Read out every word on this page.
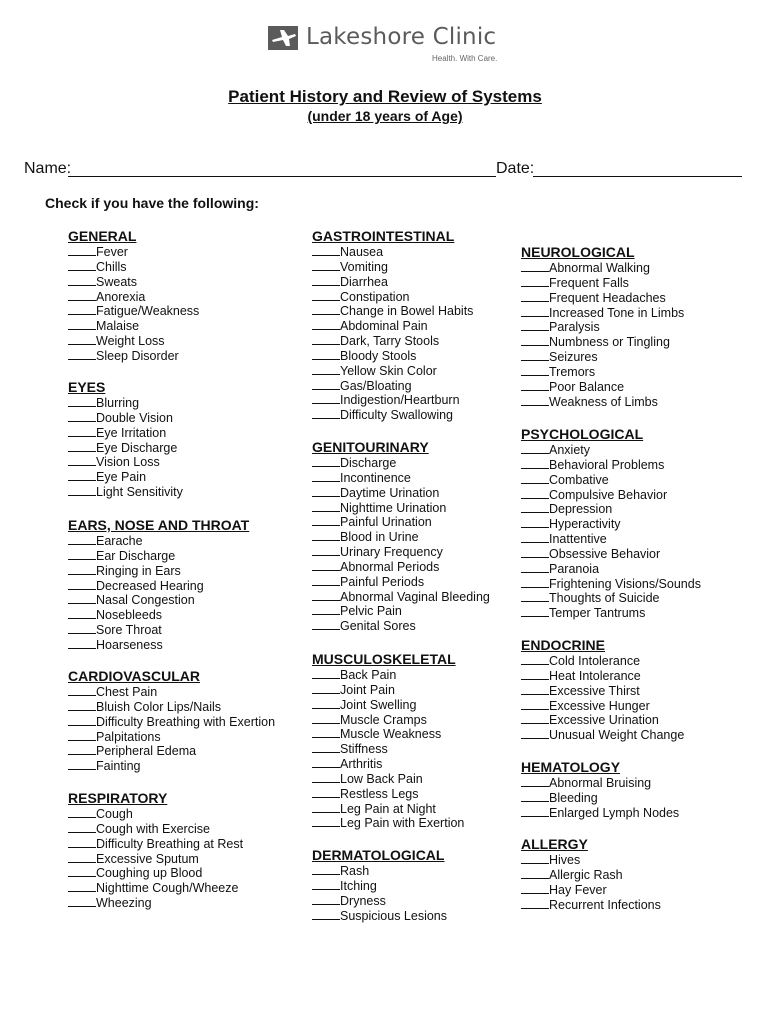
Lakeshore Clinic
Health. With Care.
Patient History and Review of Systems
(under 18 years of Age)
Name:	Date:
Check if you have the following:
GENERAL
Fever
Chills
Sweats
Anorexia
Fatigue/Weakness
Malaise
Weight Loss
Sleep Disorder
EYES
Blurring
Double Vision
Eye Irritation
Eye Discharge
Vision Loss
Eye Pain
Light Sensitivity
EARS, NOSE AND THROAT
Earache
Ear Discharge
Ringing in Ears
Decreased Hearing
Nasal Congestion
Nosebleeds
Sore Throat
Hoarseness
CARDIOVASCULAR
Chest Pain
Bluish Color Lips/Nails
Difficulty Breathing with Exertion
Palpitations
Peripheral Edema
Fainting
RESPIRATORY
Cough
Cough with Exercise
Difficulty Breathing at Rest
Excessive Sputum
Coughing up Blood
Nighttime Cough/Wheeze
Wheezing
GASTROINTESTINAL
Nausea
Vomiting
Diarrhea
Constipation
Change in Bowel Habits
Abdominal Pain
Dark, Tarry Stools
Bloody Stools
Yellow Skin Color
Gas/Bloating
Indigestion/Heartburn
Difficulty Swallowing
GENITOURINARY
Discharge
Incontinence
Daytime Urination
Nighttime Urination
Painful Urination
Blood in Urine
Urinary Frequency
Abnormal Periods
Painful Periods
Abnormal Vaginal Bleeding
Pelvic Pain
Genital Sores
MUSCULOSKELETAL
Back Pain
Joint Pain
Joint Swelling
Muscle Cramps
Muscle Weakness
Stiffness
Arthritis
Low Back Pain
Restless Legs
Leg Pain at Night
Leg Pain with Exertion
DERMATOLOGICAL
Rash
Itching
Dryness
Suspicious Lesions
NEUROLOGICAL
Abnormal Walking
Frequent Falls
Frequent Headaches
Increased Tone in Limbs
Paralysis
Numbness or Tingling
Seizures
Tremors
Poor Balance
Weakness of Limbs
PSYCHOLOGICAL
Anxiety
Behavioral Problems
Combative
Compulsive Behavior
Depression
Hyperactivity
Inattentive
Obsessive Behavior
Paranoia
Frightening Visions/Sounds
Thoughts of Suicide
Temper Tantrums
ENDOCRINE
Cold Intolerance
Heat Intolerance
Excessive Thirst
Excessive Hunger
Excessive Urination
Unusual Weight Change
HEMATOLOGY
Abnormal Bruising
Bleeding
Enlarged Lymph Nodes
ALLERGY
Hives
Allergic Rash
Hay Fever
Recurrent Infections
